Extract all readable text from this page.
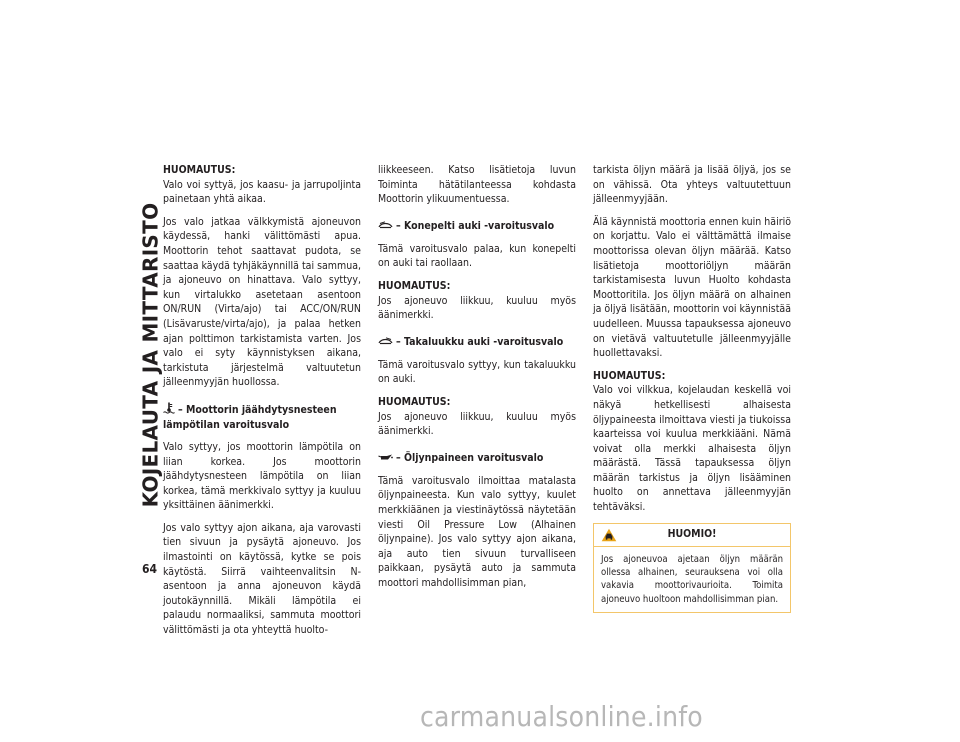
KOJELAUTA JA MITTARISTO
64
HUOMAUTUS:
Valo voi syttyä, jos kaasu- ja jarrupoljinta painetaan yhtä aikaa.

Jos valo jatkaa välkkymistä ajoneuvon käydessä, hanki välittömästi apua. Moottorin tehot saattavat pudota, se saattaa käydä tyhjäkäynnillä tai sammua, ja ajoneuvo on hinattava. Valo syttyy, kun virtalukko asetetaan asentoon ON/RUN (Virta/ajo) tai ACC/ON/RUN (Lisävaruste/virta/ajo), ja palaa hetken ajan polttimon tarkistamista varten. Jos valo ei syty käynnistyksen aikana, tarkistuta järjestelmä valtuutetun jälleenmyyjän huollossa.

– Moottorin jäähdytysnesteen lämpötilan varoitusvalo

Valo syttyy, jos moottorin lämpötila on liian korkea. Jos moottorin jäähdytysnesteen lämpötila on liian korkea, tämä merkkivalo syttyy ja kuuluu yksittäinen äänimerkki.

Jos valo syttyy ajon aikana, aja varovasti tien sivuun ja pysäytä ajoneuvo. Jos ilmastointi on käytössä, kytke se pois käytöstä. Siirrä vaihteenvalitsin N-asentoon ja anna ajoneuvon käydä joutokäynnillä. Mikäli lämpötila ei palaudu normaaliksi, sammuta moottori välittömästi ja ota yhteyttä huolto-

liikkeeseen. Katso lisätietoja luvun Toiminta hätätilanteessa kohdasta Moottorin ylikuumentuessa.

– Konepelti auki -varoitusvalo

Tämä varoitusvalo palaa, kun konepelti on auki tai raollaan.

HUOMAUTUS:
Jos ajoneuvo liikkuu, kuuluu myös äänimerkki.
– Takaluukku auki -varoitusvalo

Tämä varoitusvalo syttyy, kun takaluukku on auki.

HUOMAUTUS:
Jos ajoneuvo liikkuu, kuuluu myös äänimerkki.
– Öljynpaineen varoitusvalo

Tämä varoitusvalo ilmoittaa matalasta öljynpaineesta. Kun valo syttyy, kuulet merkkiäänen ja viestinäytössä näytetään viesti Oil Pressure Low (Alhainen öljynpaine). Jos valo syttyy ajon aikana, aja auto tien sivuun turvalliseen paikkaan, pysäytä auto ja sammuta moottori mahdollisimman pian,

tarkista öljyn määrä ja lisää öljyä, jos se on vähissä. Ota yhteys valtuutettuun jälleenmyyjään.

Älä käynnistä moottoria ennen kuin häiriö on korjattu. Valo ei välttämättä ilmaise moottorissa olevan öljyn määrää. Katso lisätietoja moottoriöljyn määrän tarkistamisesta luvun Huolto kohdasta Moottoritila. Jos öljyn määrä on alhainen ja öljyä lisätään, moottorin voi käynnistää uudelleen. Muussa tapauksessa ajoneuvo on vietävä valtuutetulle jälleenmyyjälle huollettavaksi.

HUOMAUTUS:
Valo voi vilkkua, kojelaudan keskellä voi näkyä hetkellisesti alhaisesta öljypaineesta ilmoittava viesti ja tiukoissa kaarteissa voi kuulua merkkiääni. Nämä voivat olla merkki alhaisesta öljyn määrästä. Tässä tapauksessa öljyn määrän tarkistus ja öljyn lisääminen huolto on annettava jälleenmyyjän tehtäväksi.
HUOMIO!
Jos ajoneuvoa ajetaan öljyn määrän ollessa alhainen, seurauksena voi olla vakavia moottorivaurioita. Toimita ajoneuvo huoltoon mahdollisimman pian.
carmanualsonline.info
